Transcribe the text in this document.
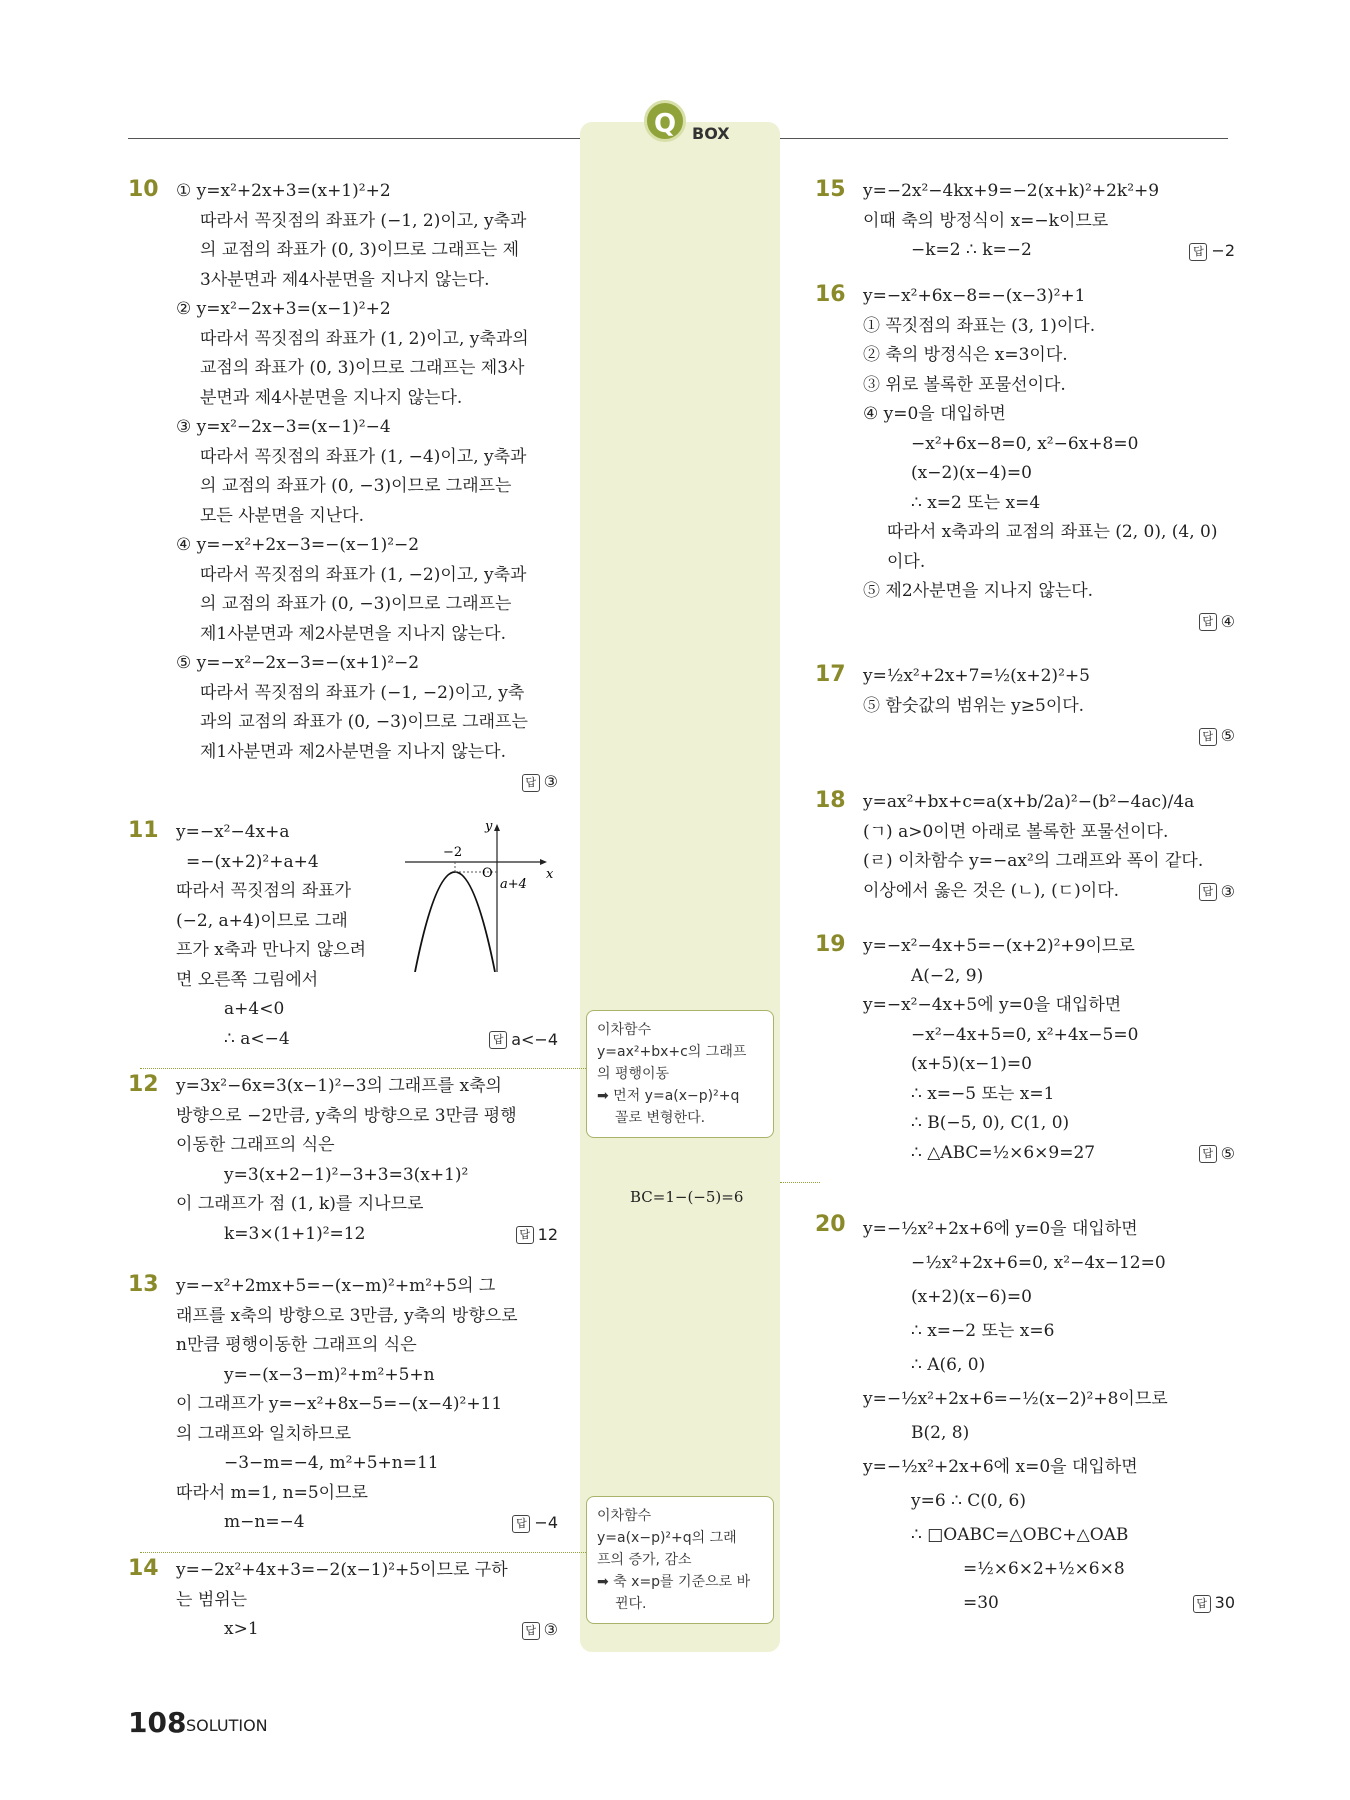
Q BOX
10 ① y=x²+2x+3=(x+1)²+2
따라서 꼭짓점의 좌표가 (−1, 2)이고, y축과
의 교점의 좌표가 (0, 3)이므로 그래프는 제
3사분면과 제4사분면을 지나지 않는다.
② y=x²−2x+3=(x−1)²+2
따라서 꼭짓점의 좌표가 (1, 2)이고, y축과의
교점의 좌표가 (0, 3)이므로 그래프는 제3사
분면과 제4사분면을 지나지 않는다.
③ y=x²−2x−3=(x−1)²−4
따라서 꼭짓점의 좌표가 (1, −4)이고, y축과
의 교점의 좌표가 (0, −3)이므로 그래프는
모든 사분면을 지난다.
④ y=−x²+2x−3=−(x−1)²−2
따라서 꼭짓점의 좌표가 (1, −2)이고, y축과
의 교점의 좌표가 (0, −3)이므로 그래프는
제1사분면과 제2사분면을 지나지 않는다.
⑤ y=−x²−2x−3=−(x+1)²−2
따라서 꼭짓점의 좌표가 (−1, −2)이고, y축
과의 교점의 좌표가 (0, −3)이므로 그래프는
제1사분면과 제2사분면을 지나지 않는다.
답 ③
11 y=−x²−4x+a
=−(x+2)²+a+4
따라서 꼭짓점의 좌표가
(−2, a+4)이므로 그래
프가 x축과 만나지 않으려
면 오른쪽 그림에서
a+4<0
∴ a<−4	답 a<−4
12 y=3x²−6x=3(x−1)²−3의 그래프를 x축의
방향으로 −2만큼, y축의 방향으로 3만큼 평행
이동한 그래프의 식은
y=3(x+2−1)²−3+3=3(x+1)²
이 그래프가 점 (1, k)를 지나므로
k=3×(1+1)²=12	답 12
13 y=−x²+2mx+5=−(x−m)²+m²+5의 그
래프를 x축의 방향으로 3만큼, y축의 방향으로
n만큼 평행이동한 그래프의 식은
y=−(x−3−m)²+m²+5+n
이 그래프가 y=−x²+8x−5=−(x−4)²+11
의 그래프와 일치하므로
−3−m=−4, m²+5+n=11
따라서 m=1, n=5이므로
m−n=−4	답 −4
14 y=−2x²+4x+3=−2(x−1)²+5이므로 구하
는 범위는
x>1	답 ③
x
y
O
−2
a+4
이차함수
y=ax²+bx+c의 그래프
의 평행이동
➡ 먼저 y=a(x−p)²+q
꼴로 변형한다.
BC=1−(−5)=6
이차함수
y=a(x−p)²+q의 그래
프의 증가, 감소
➡ 축 x=p를 기준으로 바
뀐다.
15 y=−2x²−4kx+9=−2(x+k)²+2k²+9
이때 축의 방정식이 x=−k이므로
−k=2 ∴ k=−2	답 −2
16 y=−x²+6x−8=−(x−3)²+1
① 꼭짓점의 좌표는 (3, 1)이다.
② 축의 방정식은 x=3이다.
③ 위로 볼록한 포물선이다.
④ y=0을 대입하면
−x²+6x−8=0, x²−6x+8=0
(x−2)(x−4)=0
∴ x=2 또는 x=4
따라서 x축과의 교점의 좌표는 (2, 0), (4, 0)
이다.
⑤ 제2사분면을 지나지 않는다.
답 ④
17 y=½x²+2x+7=½(x+2)²+5
⑤ 함숫값의 범위는 y≥5이다.
답 ⑤
18 y=ax²+bx+c=a(x+b/2a)²−(b²−4ac)/4a
(ㄱ) a>0이면 아래로 볼록한 포물선이다.
(ㄹ) 이차함수 y=−ax²의 그래프와 폭이 같다.
이상에서 옳은 것은 (ㄴ), (ㄷ)이다.	답 ③
19 y=−x²−4x+5=−(x+2)²+9이므로
A(−2, 9)
y=−x²−4x+5에 y=0을 대입하면
−x²−4x+5=0, x²+4x−5=0
(x+5)(x−1)=0
∴ x=−5 또는 x=1
∴ B(−5, 0), C(1, 0)
∴ △ABC=½×6×9=27	답 ⑤
20 y=−½x²+2x+6에 y=0을 대입하면
−½x²+2x+6=0, x²−4x−12=0
(x+2)(x−6)=0
∴ x=−2 또는 x=6
∴ A(6, 0)
y=−½x²+2x+6=−½(x−2)²+8이므로
B(2, 8)
y=−½x²+2x+6에 x=0을 대입하면
y=6 ∴ C(0, 6)
∴ □OABC=△OBC+△OAB
=½×6×2+½×6×8
=30	답 30
108 SOLUTION
